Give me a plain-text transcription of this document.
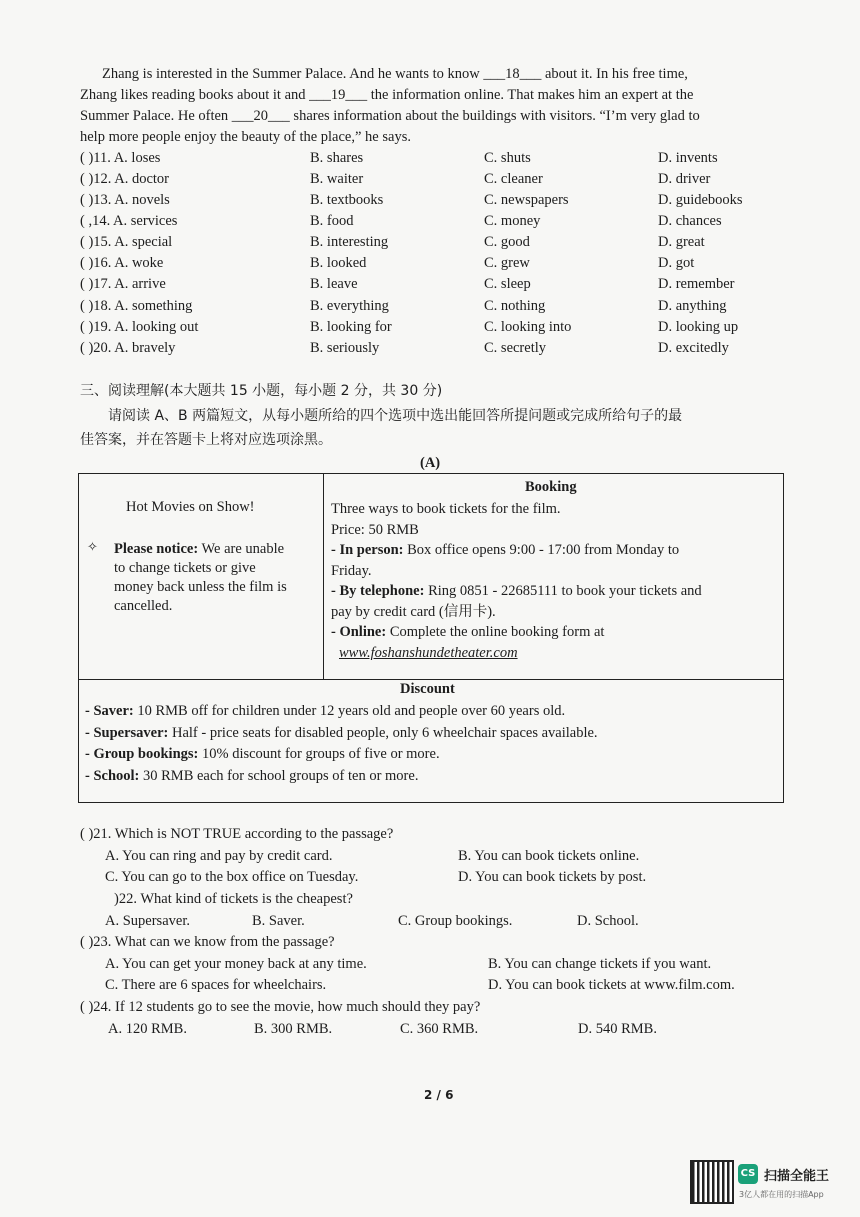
Zhang is interested in the Summer Palace. And he wants to know ___18___ about it. In his free time,
Zhang likes reading books about it and ___19___ the information online. That makes him an expert at the
Summer Palace. He often ___20___ shares information about the buildings with visitors. “I’m very glad to
help more people enjoy the beauty of the place,” he says.
( )11. A. loses	B. shares	C. shuts	D. invents
( )12. A. doctor	B. waiter	C. cleaner	D. driver
( )13. A. novels	B. textbooks	C. newspapers	D. guidebooks
( ,14. A. services	B. food	C. money	D. chances
( )15. A. special	B. interesting	C. good	D. great
( )16. A. woke	B. looked	C. grew	D. got
( )17. A. arrive	B. leave	C. sleep	D. remember
( )18. A. something	B. everything	C. nothing	D. anything
( )19. A. looking out	B. looking for	C. looking into	D. looking up
( )20. A. bravely	B. seriously	C. secretly	D. excitedly
三、阅读理解(本大题共 15 小题，每小题 2 分，共 30 分)
请阅读 A、B 两篇短文，从每小题所给的四个选项中选出能回答所提问题或完成所给句子的最
佳答案，并在答题卡上将对应选项涂黑。
(A)
Hot Movies on Show!
✧ Please notice: We are unable
to change tickets or give
money back unless the film is
cancelled.
Booking
Three ways to book tickets for the film.
Price: 50 RMB
- In person: Box office opens 9:00 - 17:00 from Monday to
Friday.
- By telephone: Ring 0851 - 22685111 to book your tickets and
pay by credit card (信用卡).
- Online: Complete the online booking form at
www.foshanshundetheater.com
Discount
- Saver: 10 RMB off for children under 12 years old and people over 60 years old.
- Supersaver: Half - price seats for disabled people, only 6 wheelchair spaces available.
- Group bookings: 10% discount for groups of five or more.
- School: 30 RMB each for school groups of ten or more.
( )21. Which is NOT TRUE according to the passage?
A. You can ring and pay by credit card.	B. You can book tickets online.
C. You can go to the box office on Tuesday.	D. You can book tickets by post.
)22. What kind of tickets is the cheapest?
A. Supersaver.	B. Saver.	C. Group bookings.	D. School.
( )23. What can we know from the passage?
A. You can get your money back at any time.	B. You can change tickets if you want.
C. There are 6 spaces for wheelchairs.	D. You can book tickets at www.film.com.
( )24. If 12 students go to see the movie, how much should they pay?
A. 120 RMB.	B. 300 RMB.	C. 360 RMB.	D. 540 RMB.
2 / 6
CS 扫描全能王
3亿人都在用的扫描App
